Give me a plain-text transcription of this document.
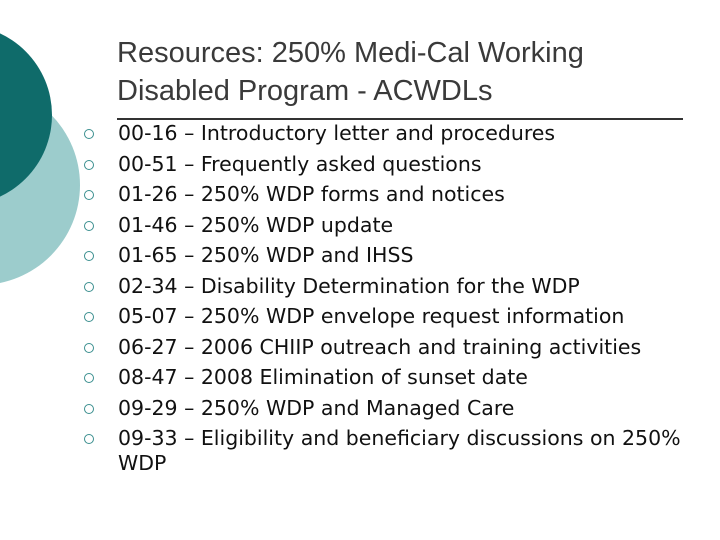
Resources: 250% Medi-Cal Working
Disabled Program - ACWDLs
00-16 – Introductory letter and procedures
00-51 – Frequently asked questions
01-26 – 250% WDP forms and notices
01-46 – 250% WDP update
01-65 – 250% WDP and IHSS
02-34 – Disability Determination for the WDP
05-07 – 250% WDP envelope request information
06-27 – 2006 CHIIP outreach and training activities
08-47 – 2008 Elimination of sunset date
09-29 – 250% WDP and Managed Care
09-33 – Eligibility and beneficiary discussions on 250% WDP
